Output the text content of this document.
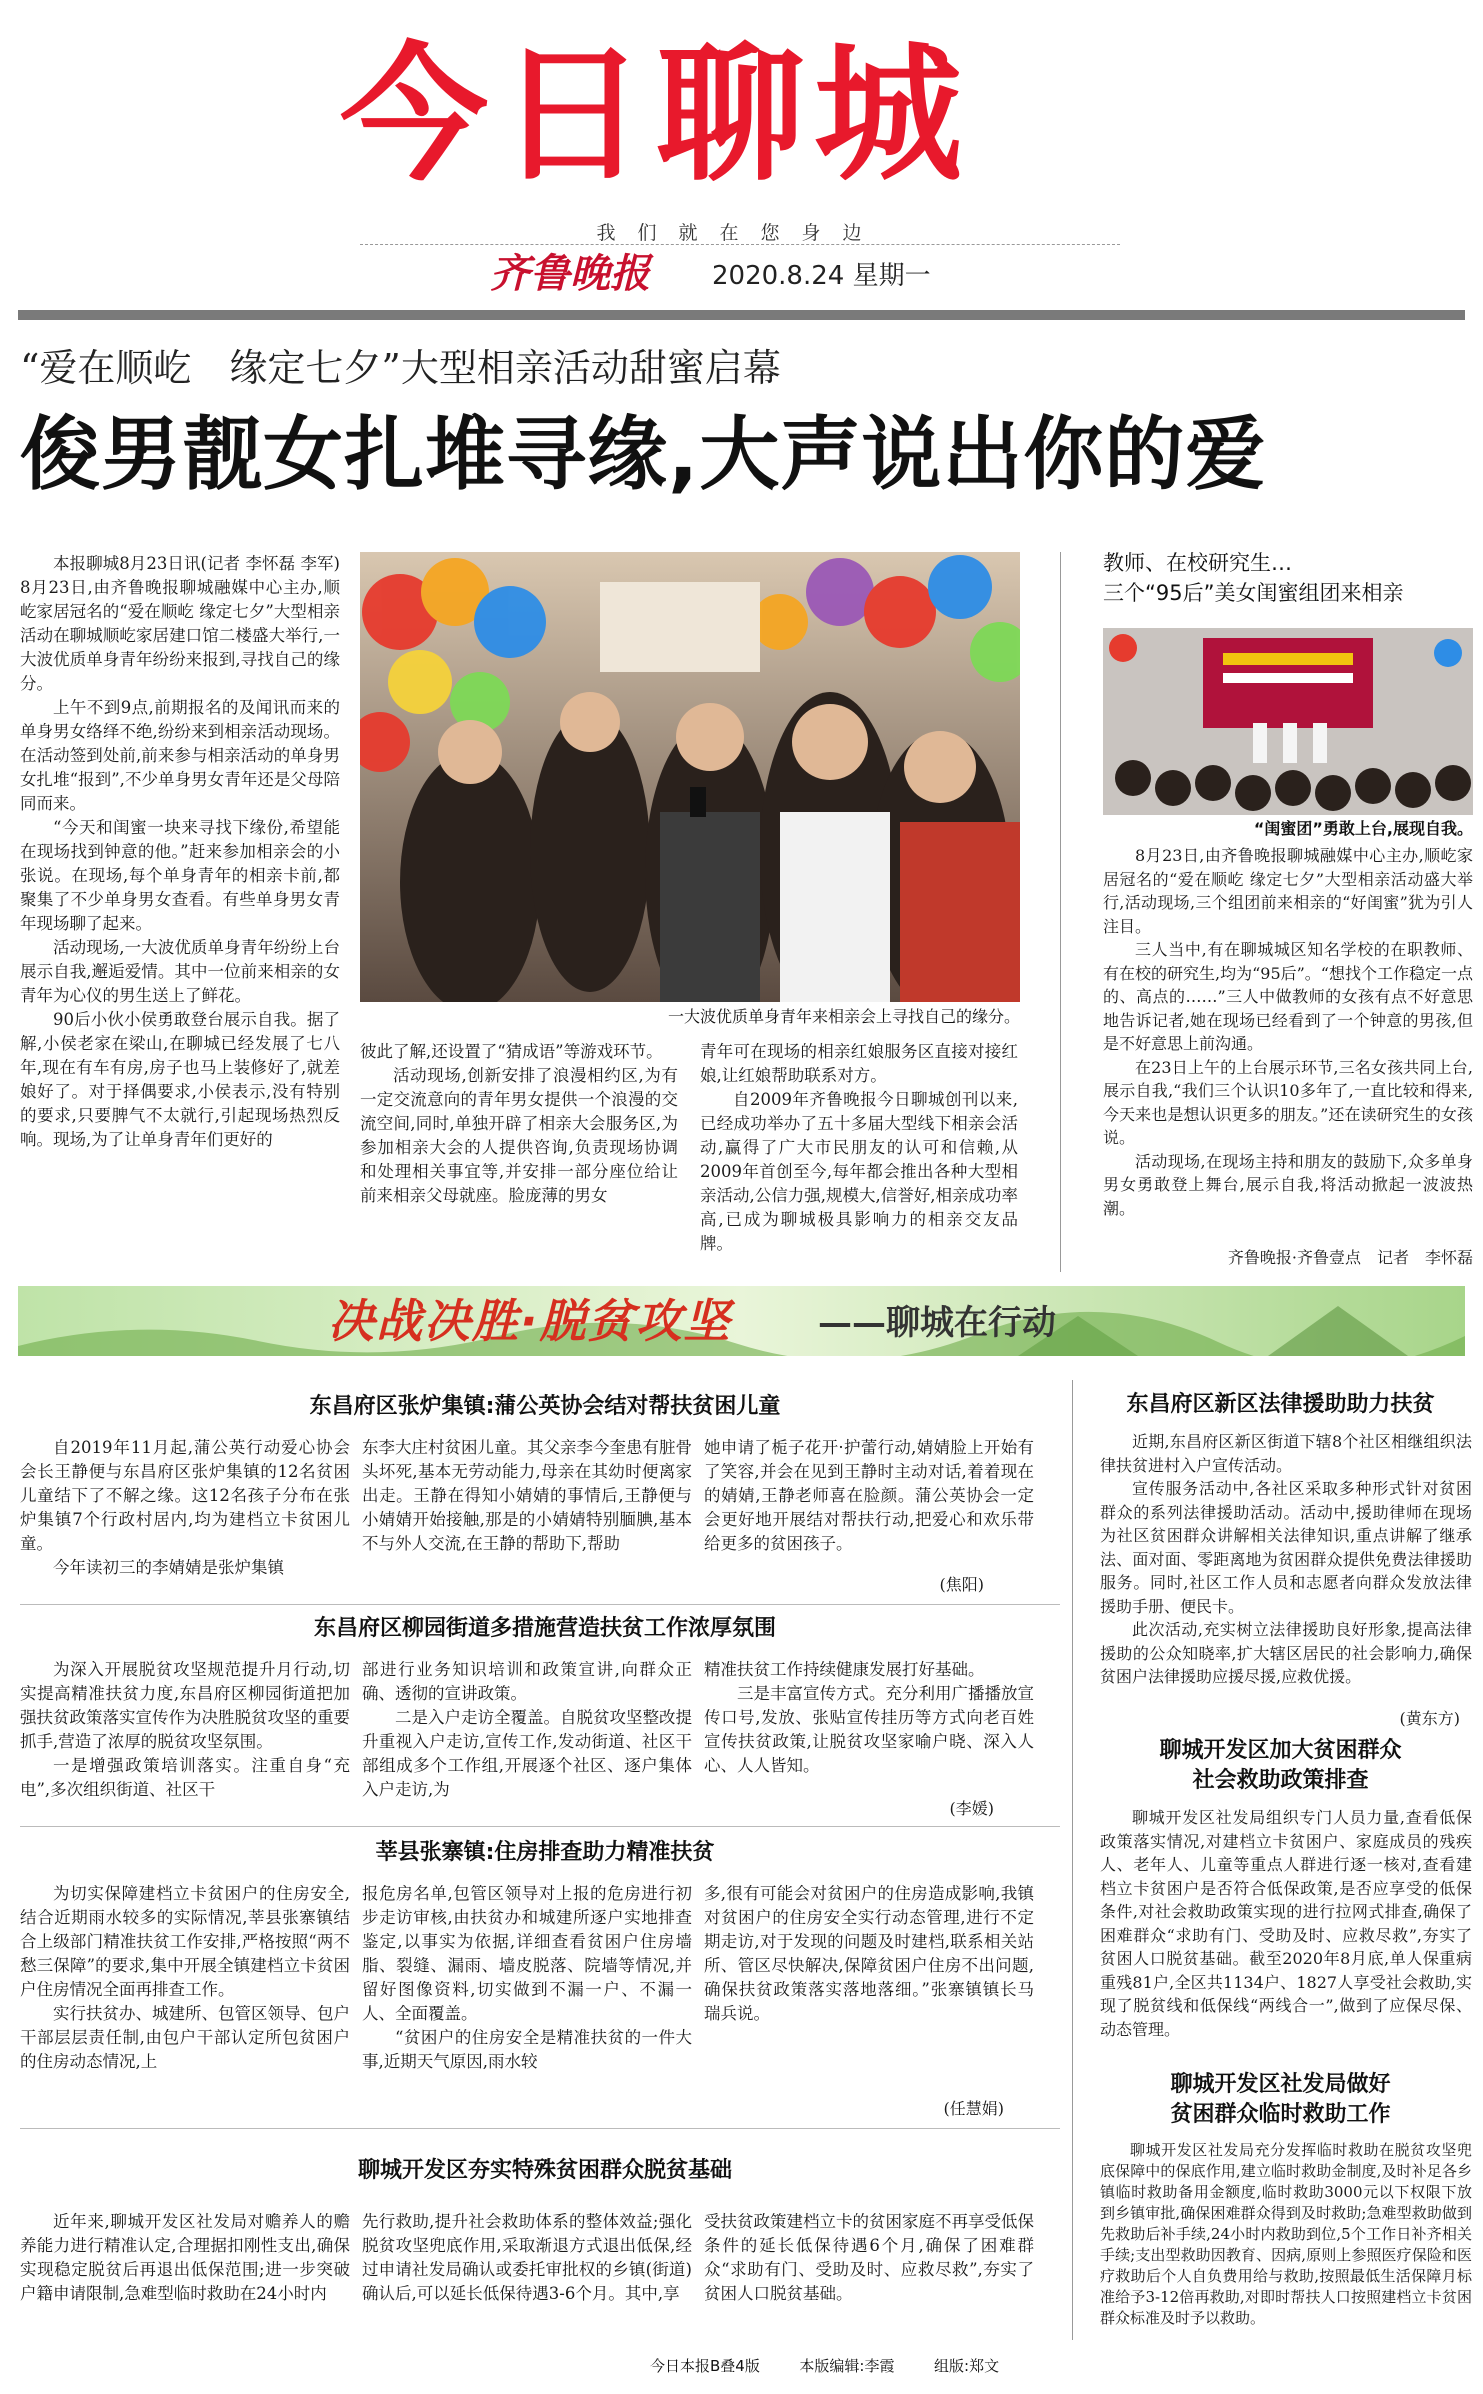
今日聊城
我们就在您身边
齐鲁晚报 2020.8.24 星期一
“爱在顺屹　缘定七夕”大型相亲活动甜蜜启幕
俊男靓女扎堆寻缘,大声说出你的爱

本报聊城8月23日讯(记者 李怀磊 李军) 8月23日,由齐鲁晚报聊城融媒中心主办,顺屹家居冠名的“爱在顺屹 缘定七夕”大型相亲活动在聊城顺屹家居建口馆二楼盛大举行,一大波优质单身青年纷纷来报到,寻找自己的缘分。

上午不到9点,前期报名的及闻讯而来的单身男女络绎不绝,纷纷来到相亲活动现场。在活动签到处前,前来参与相亲活动的单身男女扎堆“报到”,不少单身男女青年还是父母陪同而来。

“今天和闺蜜一块来寻找下缘份,希望能在现场找到钟意的他。”赶来参加相亲会的小张说。在现场,每个单身青年的相亲卡前,都聚集了不少单身男女查看。有些单身男女青年现场聊了起来。

活动现场,一大波优质单身青年纷纷上台展示自我,邂逅爱情。其中一位前来相亲的女青年为心仪的男生送上了鲜花。

90后小伙小侯勇敢登台展示自我。据了解,小侯老家在梁山,在聊城已经发展了七八年,现在有车有房,房子也马上装修好了,就差娘好了。对于择偶要求,小侯表示,没有特别的要求,只要脾气不太就行,引起现场热烈反响。现场,为了让单身青年们更好的

一大波优质单身青年来相亲会上寻找自己的缘分。

彼此了解,还设置了“猜成语”等游戏环节。

活动现场,创新安排了浪漫相约区,为有一定交流意向的青年男女提供一个浪漫的交流空间,同时,单独开辟了相亲大会服务区,为参加相亲大会的人提供咨询,负责现场协调和处理相关事宜等,并安排一部分座位给让前来相亲父母就座。脸庞薄的男女

青年可在现场的相亲红娘服务区直接对接红娘,让红娘帮助联系对方。

自2009年齐鲁晚报今日聊城创刊以来,已经成功举办了五十多届大型线下相亲会活动,赢得了广大市民朋友的认可和信赖,从2009年首创至今,每年都会推出各种大型相亲活动,公信力强,规模大,信誉好,相亲成功率高,已成为聊城极具影响力的相亲交友品牌。

教师、在校研究生…
三个“95后”美女闺蜜组团来相亲
“闺蜜团”勇敢上台,展现自我。

8月23日,由齐鲁晚报聊城融媒中心主办,顺屹家居冠名的“爱在顺屹 缘定七夕”大型相亲活动盛大举行,活动现场,三个组团前来相亲的“好闺蜜”犹为引人注目。

三人当中,有在聊城城区知名学校的在职教师、有在校的研究生,均为“95后”。“想找个工作稳定一点的、高点的……”三人中做教师的女孩有点不好意思地告诉记者,她在现场已经看到了一个钟意的男孩,但是不好意思上前沟通。

在23日上午的上台展示环节,三名女孩共同上台,展示自我,“我们三个认识10多年了,一直比较和得来,今天来也是想认识更多的朋友。”还在读研究生的女孩说。

活动现场,在现场主持和朋友的鼓励下,众多单身男女勇敢登上舞台,展示自我,将活动掀起一波波热潮。

齐鲁晚报·齐鲁壹点　记者　李怀磊
决战决胜·脱贫攻坚	——聊城在行动
东昌府区张炉集镇:蒲公英协会结对帮扶贫困儿童

自2019年11月起,蒲公英行动爱心协会会长王静便与东昌府区张炉集镇的12名贫困儿童结下了不解之缘。这12名孩子分布在张炉集镇7个行政村居内,均为建档立卡贫困儿童。

今年读初三的李婧婧是张炉集镇

东李大庄村贫困儿童。其父亲李今奎患有脏骨头坏死,基本无劳动能力,母亲在其幼时便离家出走。王静在得知小婧婧的事情后,王静便与小婧婧开始接触,那是的小婧婧特别腼腆,基本不与外人交流,在王静的帮助下,帮助

她申请了栀子花开·护蕾行动,婧婧脸上开始有了笑容,并会在见到王静时主动对话,着着现在的婧婧,王静老师喜在脸颜。蒲公英协会一定会更好地开展结对帮扶行动,把爱心和欢乐带给更多的贫困孩子。

(焦阳)
东昌府区柳园街道多措施营造扶贫工作浓厚氛围

为深入开展脱贫攻坚规范提升月行动,切实提高精准扶贫力度,东昌府区柳园街道把加强扶贫政策落实宣传作为决胜脱贫攻坚的重要抓手,营造了浓厚的脱贫攻坚氛围。

一是增强政策培训落实。注重自身“充电”,多次组织街道、社区干

部进行业务知识培训和政策宣讲,向群众正确、透彻的宣讲政策。

二是入户走访全覆盖。自脱贫攻坚整改提升重视入户走访,宣传工作,发动街道、社区干部组成多个工作组,开展逐个社区、逐户集体入户走访,为

精准扶贫工作持续健康发展打好基础。

三是丰富宣传方式。充分利用广播播放宣传口号,发放、张贴宣传挂历等方式向老百姓宣传扶贫政策,让脱贫攻坚家喻户晓、深入人心、人人皆知。

(李媛)
莘县张寨镇:住房排查助力精准扶贫

为切实保障建档立卡贫困户的住房安全,结合近期雨水较多的实际情况,莘县张寨镇结合上级部门精准扶贫工作安排,严格按照“两不愁三保障”的要求,集中开展全镇建档立卡贫困户住房情况全面再排查工作。

实行扶贫办、城建所、包管区领导、包户干部层层责任制,由包户干部认定所包贫困户的住房动态情况,上

报危房名单,包管区领导对上报的危房进行初步走访审核,由扶贫办和城建所逐户实地排查鉴定,以事实为依据,详细查看贫困户住房墙脂、裂缝、漏雨、墙皮脱落、院墙等情况,并留好图像资料,切实做到不漏一户、不漏一人、全面覆盖。

“贫困户的住房安全是精准扶贫的一件大事,近期天气原因,雨水较

多,很有可能会对贫困户的住房造成影响,我镇对贫困户的住房安全实行动态管理,进行不定期走访,对于发现的问题及时建档,联系相关站所、管区尽快解决,保障贫困户住房不出问题,确保扶贫政策落实落地落细。”张寨镇镇长马瑞兵说。

(任慧娟)
聊城开发区夯实特殊贫困群众脱贫基础

近年来,聊城开发区社发局对赡养人的赡养能力进行精准认定,合理据扣刚性支出,确保实现稳定脱贫后再退出低保范围;进一步突破户籍申请限制,急难型临时救助在24小时内

先行救助,提升社会救助体系的整体效益;强化脱贫攻坚兜底作用,采取渐退方式退出低保,经过申请社发局确认或委托审批权的乡镇(街道)确认后,可以延长低保待遇3-6个月。其中,享

受扶贫政策建档立卡的贫困家庭不再享受低保条件的延长低保待遇6个月,确保了困难群众“求助有门、受助及时、应救尽救”,夯实了贫困人口脱贫基础。

东昌府区新区法律援助助力扶贫

近期,东昌府区新区街道下辖8个社区相继组织法律扶贫进村入户宣传活动。

宣传服务活动中,各社区采取多种形式针对贫困群众的系列法律援助活动。活动中,援助律师在现场为社区贫困群众讲解相关法律知识,重点讲解了继承法、面对面、零距离地为贫困群众提供免费法律援助服务。同时,社区工作人员和志愿者向群众发放法律援助手册、便民卡。

此次活动,充实树立法律援助良好形象,提高法律援助的公众知晓率,扩大辖区居民的社会影响力,确保贫困户法律援助应援尽援,应救优援。

(黄东方)
聊城开发区加大贫困群众
社会救助政策排查

聊城开发区社发局组织专门人员力量,查看低保政策落实情况,对建档立卡贫困户、家庭成员的残疾人、老年人、儿童等重点人群进行逐一核对,查看建档立卡贫困户是否符合低保政策,是否应享受的低保条件,对社会救助政策实现的进行拉网式排查,确保了困难群众“求助有门、受助及时、应救尽救”,夯实了贫困人口脱贫基础。截至2020年8月底,单人保重病重残81户,全区共1134户、1827人享受社会救助,实现了脱贫线和低保线“两线合一”,做到了应保尽保、动态管理。

聊城开发区社发局做好
贫困群众临时救助工作

聊城开发区社发局充分发挥临时救助在脱贫攻坚兜底保障中的保底作用,建立临时救助金制度,及时补足各乡镇临时救助备用金额度,临时救助3000元以下权限下放到乡镇审批,确保困难群众得到及时救助;急难型救助做到先救助后补手续,24小时内救助到位,5个工作日补齐相关手续;支出型救助因教育、因病,原则上参照医疗保险和医疗救助后个人自负费用给与救助,按照最低生活保障月标准给予3-12倍再救助,对即时帮扶人口按照建档立卡贫困群众标准及时予以救助。

今日本报B叠4版	本版编辑:李霞	组版:郑文
